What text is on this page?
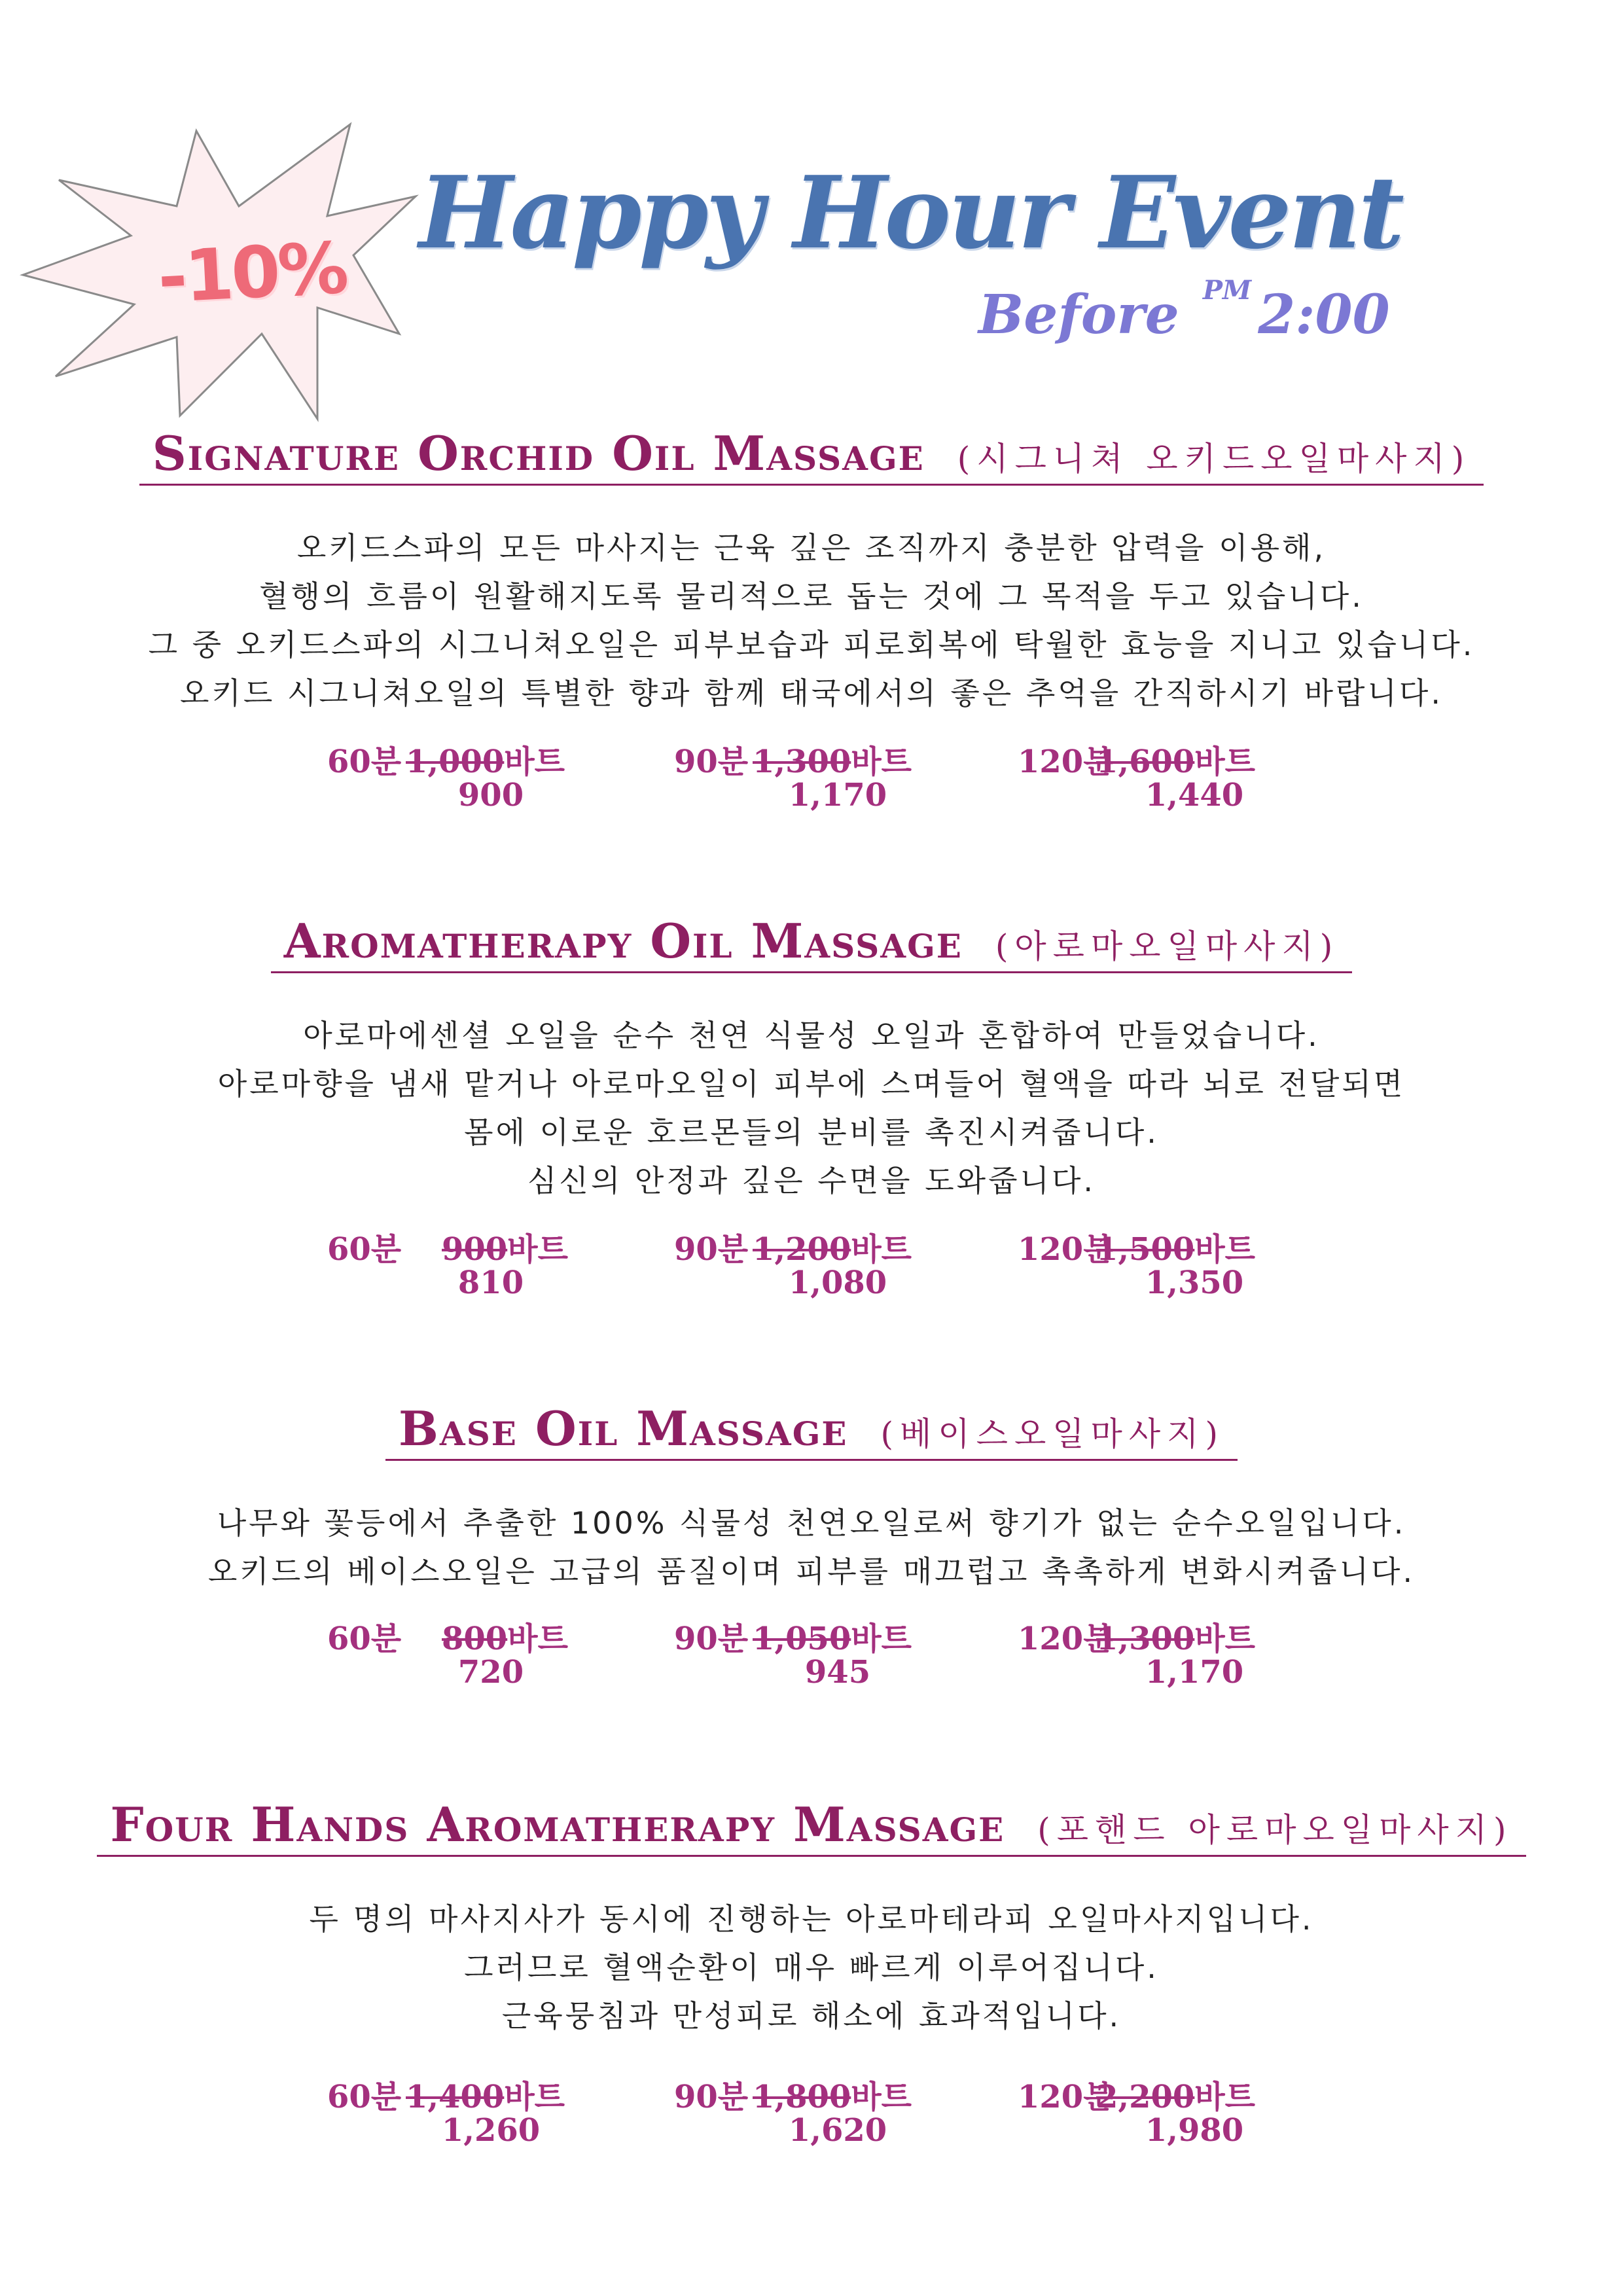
-10%
Happy Hour Event
Before $^{PM}$ 2:00
Signature Orchid Oil Massage (시그니쳐 오키드오일마사지)
오키드스파의 모든 마사지는 근육 깊은 조직까지 충분한 압력을 이용해,
혈행의 흐름이 원활해지도록 물리적으로 돕는 것에 그 목적을 두고 있습니다.
그 중 오키드스파의 시그니쳐오일은 피부보습과 피로회복에 탁월한 효능을 지니고 있습니다.
오키드 시그니쳐오일의 특별한 향과 함께 태국에서의 좋은 추억을 간직하시기 바랍니다.
60분 1,000바트
900
90분 1,300바트
1,170
120분1,600바트
1,440
Aromatherapy Oil Massage (아로마오일마사지)
아로마에센셜 오일을 순수 천연 식물성 오일과 혼합하여 만들었습니다.
아로마향을 냄새 맡거나 아로마오일이 피부에 스며들어 혈액을 따라 뇌로 전달되면
몸에 이로운 호르몬들의 분비를 촉진시켜줍니다.
심신의 안정과 깊은 수면을 도와줍니다.
60분 900바트
810
90분 1,200바트
1,080
120분1,500바트
1,350
Base Oil Massage (베이스오일마사지)
나무와 꽃등에서 추출한 100% 식물성 천연오일로써 향기가 없는 순수오일입니다.
오키드의 베이스오일은 고급의 품질이며 피부를 매끄럽고 촉촉하게 변화시켜줍니다.
60분 800바트
720
90분 1,050바트
945
120분1,300바트
1,170
Four Hands Aromatherapy Massage (포핸드 아로마오일마사지)
두 명의 마사지사가 동시에 진행하는 아로마테라피 오일마사지입니다.
그러므로 혈액순환이 매우 빠르게 이루어집니다.
근육뭉침과 만성피로 해소에 효과적입니다.
60분 1,400바트
1,260
90분 1,800바트
1,620
120분2,200바트
1,980
